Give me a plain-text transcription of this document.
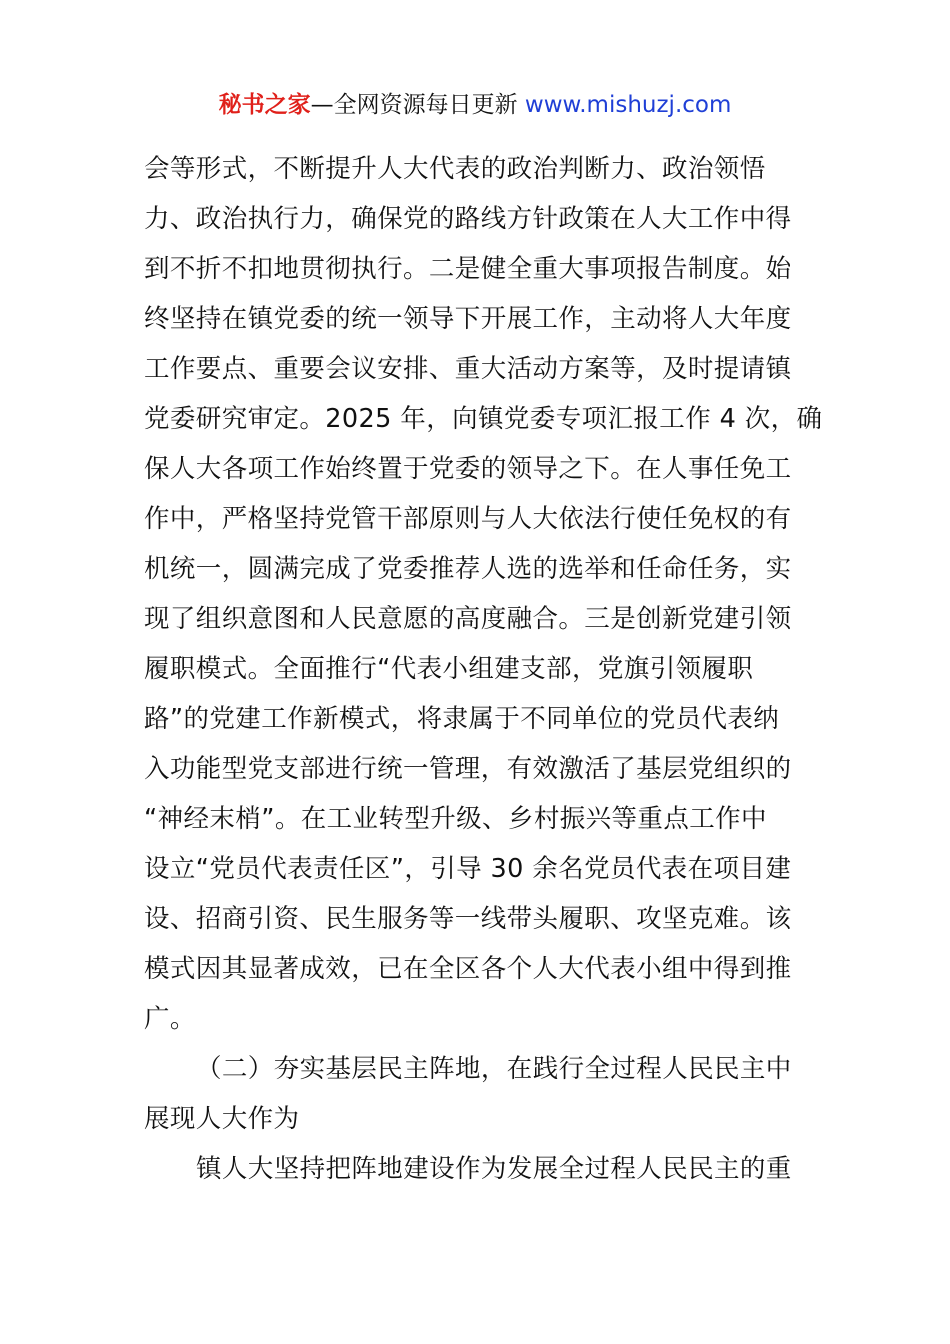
秘书之家—全网资源每日更新 www.mishuzj.com
会等形式，不断提升人大代表的政治判断力、政治领悟
力、政治执行力，确保党的路线方针政策在人大工作中得
到不折不扣地贯彻执行。二是健全重大事项报告制度。始
终坚持在镇党委的统一领导下开展工作，主动将人大年度
工作要点、重要会议安排、重大活动方案等，及时提请镇
党委研究审定。2025 年，向镇党委专项汇报工作 4 次，确
保人大各项工作始终置于党委的领导之下。在人事任免工
作中，严格坚持党管干部原则与人大依法行使任免权的有
机统一，圆满完成了党委推荐人选的选举和任命任务，实
现了组织意图和人民意愿的高度融合。三是创新党建引领
履职模式。全面推行“代表小组建支部，党旗引领履职
路”的党建工作新模式，将隶属于不同单位的党员代表纳
入功能型党支部进行统一管理，有效激活了基层党组织的
“神经末梢”。在工业转型升级、乡村振兴等重点工作中
设立“党员代表责任区”，引导 30 余名党员代表在项目建
设、招商引资、民生服务等一线带头履职、攻坚克难。该
模式因其显著成效，已在全区各个人大代表小组中得到推
广。
（二）夯实基层民主阵地，在践行全过程人民民主中
展现人大作为
镇人大坚持把阵地建设作为发展全过程人民民主的重
